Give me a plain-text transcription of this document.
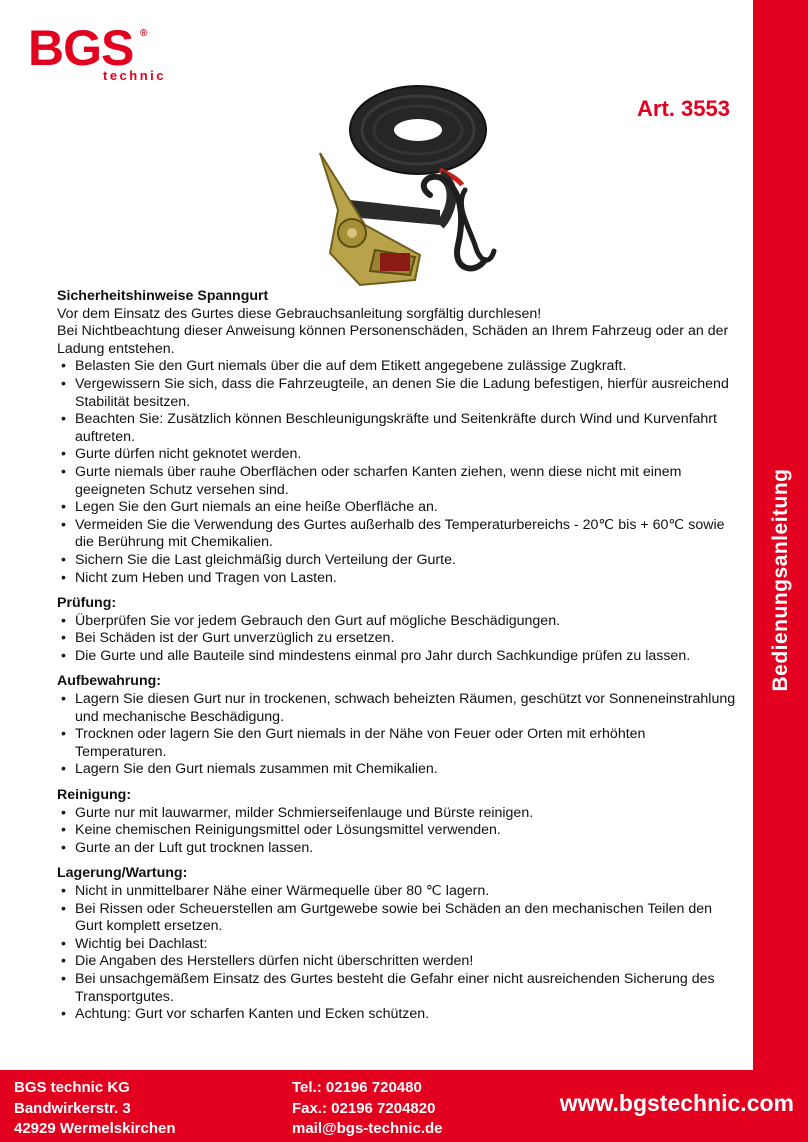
BGS ®
technic
Art. 3553
Bedienungsanleitung
Sicherheitshinweise Spanngurt

Vor dem Einsatz des Gurtes diese Gebrauchsanleitung sorgfältig durchlesen!

Bei Nichtbeachtung dieser Anweisung können Personenschäden, Schäden an Ihrem Fahrzeug oder an der Ladung entstehen.

• Belasten Sie den Gurt niemals über die auf dem Etikett angegebene zulässige Zugkraft.
• Vergewissern Sie sich, dass die Fahrzeugteile, an denen Sie die Ladung befestigen, hierfür ausreichend Stabilität besitzen.
• Beachten Sie: Zusätzlich können Beschleunigungskräfte und Seitenkräfte durch Wind und Kurvenfahrt auftreten.
• Gurte dürfen nicht geknotet werden.
• Gurte niemals über rauhe Oberflächen oder scharfen Kanten ziehen, wenn diese nicht mit einem geeigneten Schutz versehen sind.
• Legen Sie den Gurt niemals an eine heiße Oberfläche an.
• Vermeiden Sie die Verwendung des Gurtes außerhalb des Temperaturbereichs - 20℃ bis + 60℃ sowie die Berührung mit Chemikalien.
• Sichern Sie die Last gleichmäßig durch Verteilung der Gurte.
• Nicht zum Heben und Tragen von Lasten.
Prüfung:
• Überprüfen Sie vor jedem Gebrauch den Gurt auf mögliche Beschädigungen.
• Bei Schäden ist der Gurt unverzüglich zu ersetzen.
• Die Gurte und alle Bauteile sind mindestens einmal pro Jahr durch Sachkundige prüfen zu lassen.
Aufbewahrung:
• Lagern Sie diesen Gurt nur in trockenen, schwach beheizten Räumen, geschützt vor Sonneneinstrahlung und mechanische Beschädigung.
• Trocknen oder lagern Sie den Gurt niemals in der Nähe von Feuer oder Orten mit erhöhten Temperaturen.
• Lagern Sie den Gurt niemals zusammen mit Chemikalien.
Reinigung:
• Gurte nur mit lauwarmer, milder Schmierseifenlauge und Bürste reinigen.
• Keine chemischen Reinigungsmittel oder Lösungsmittel verwenden.
• Gurte an der Luft gut trocknen lassen.
Lagerung/Wartung:
• Nicht in unmittelbarer Nähe einer Wärmequelle über 80 ℃ lagern.
• Bei Rissen oder Scheuerstellen am Gurtgewebe sowie bei Schäden an den mechanischen Teilen den Gurt komplett ersetzen.
• Wichtig bei Dachlast:
• Die Angaben des Herstellers dürfen nicht überschritten werden!
• Bei unsachgemäßem Einsatz des Gurtes besteht die Gefahr einer nicht ausreichenden Sicherung des Transportgutes.
• Achtung: Gurt vor scharfen Kanten und Ecken schützen.
BGS technic KG
Bandwirkerstr. 3
42929 Wermelskirchen
Tel.: 02196 720480
Fax.: 02196 7204820
mail@bgs-technic.de
www.bgstechnic.com
